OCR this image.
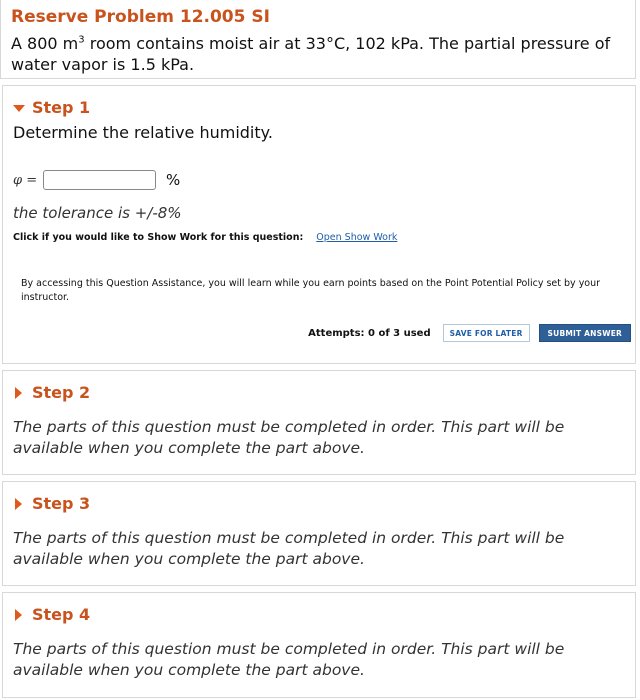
Reserve Problem 12.005 SI
A 800 $m^3$ room contains moist air at 33°C, 102 kPa. The partial pressure of water vapor is 1.5 kPa.
Step 1
Determine the relative humidity.
φ =	%
the tolerance is +/-8%
Click if you would like to Show Work for this question: Open Show Work
By accessing this Question Assistance, you will learn while you earn points based on the Point Potential Policy set by your instructor.
Attempts: 0 of 3 used	SAVE FOR LATER	SUBMIT ANSWER
Step 2
The parts of this question must be completed in order. This part will be available when you complete the part above.
Step 3
The parts of this question must be completed in order. This part will be available when you complete the part above.
Step 4
The parts of this question must be completed in order. This part will be available when you complete the part above.
